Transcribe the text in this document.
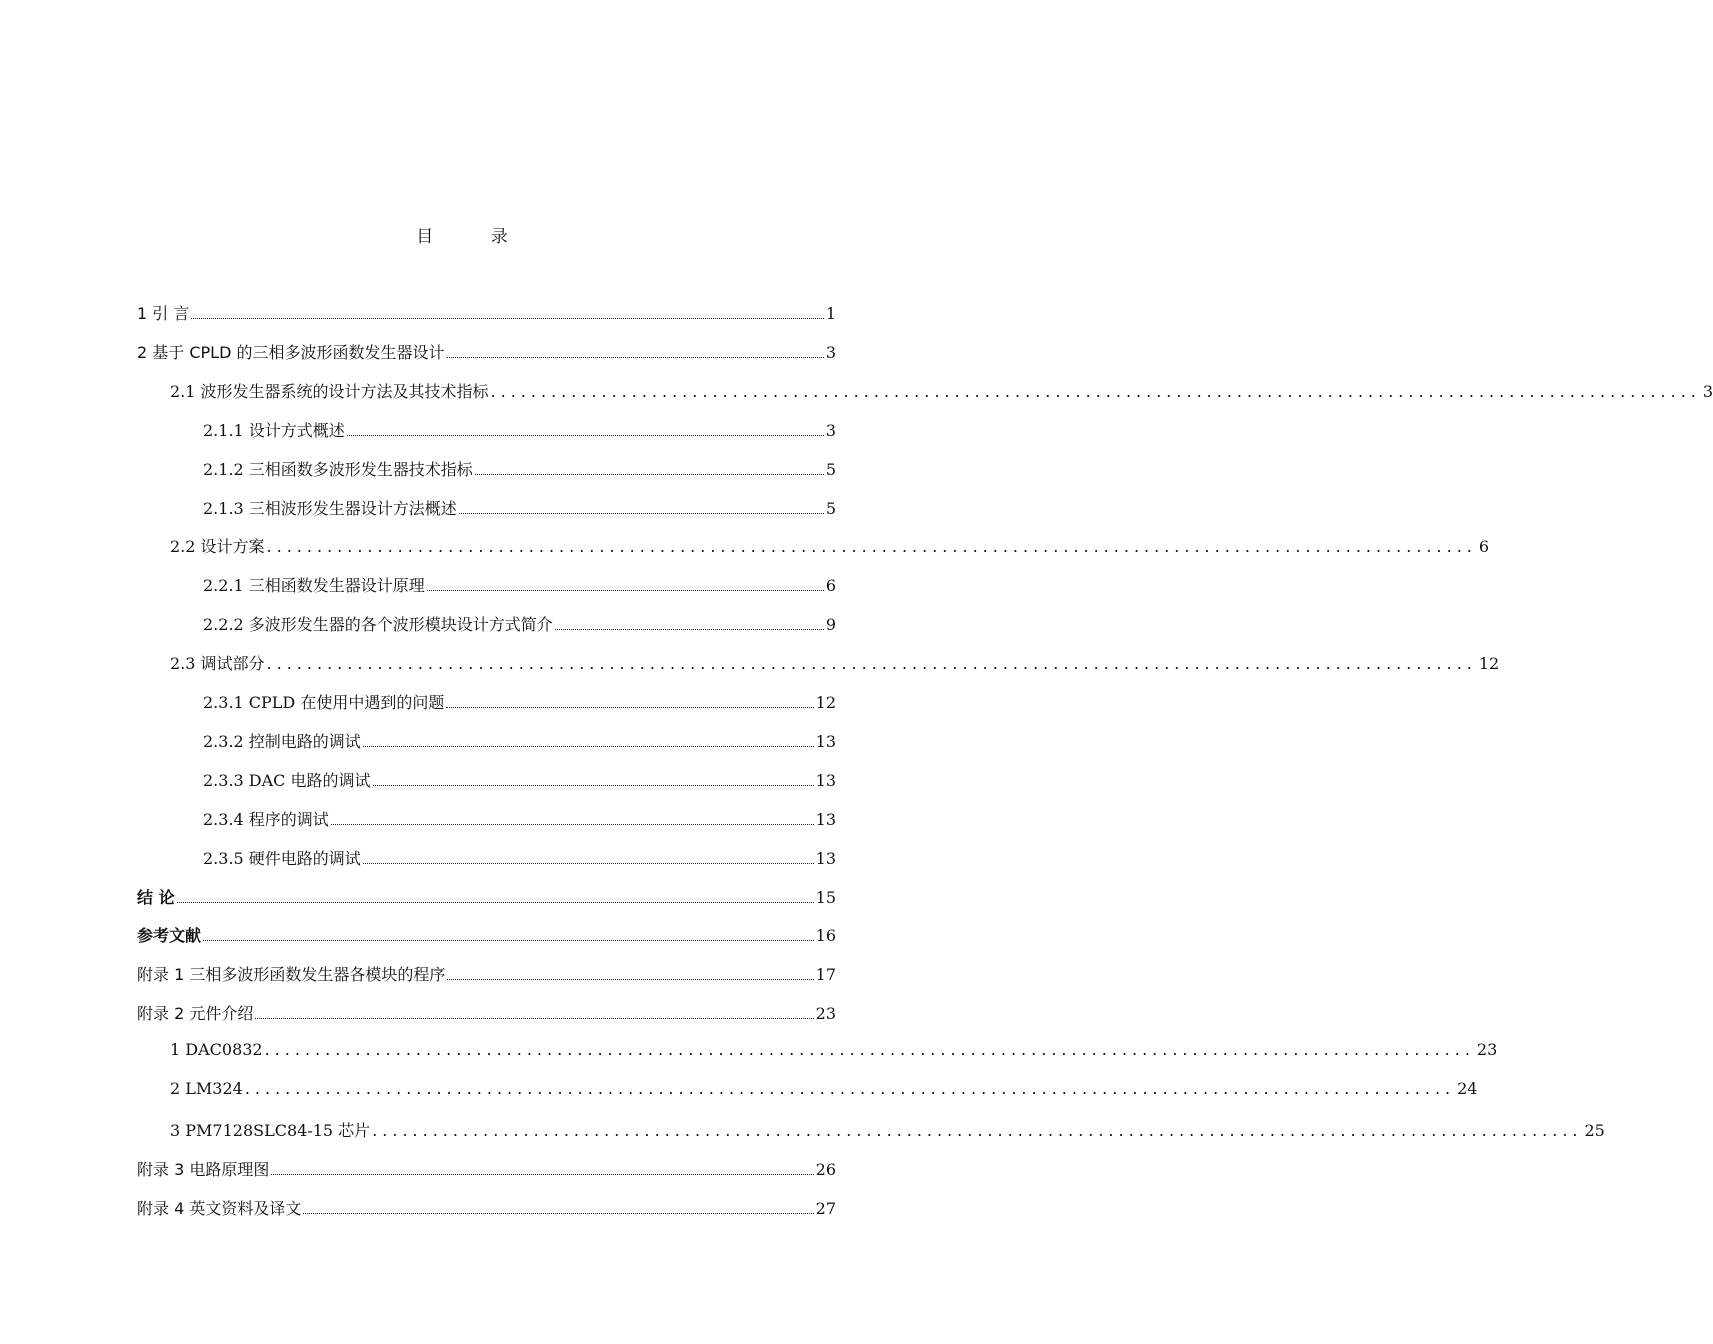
目 录
1 引 言	1
2 基于 CPLD 的三相多波形函数发生器设计	3
2.1 波形发生器系统的设计方法及其技术指标 ........................................................................................................................ 3
2.1.1 设计方式概述	3
2.1.2 三相函数多波形发生器技术指标	5
2.1.3 三相波形发生器设计方法概述	5
2.2 设计方案 ........................................................................................................................ 6
2.2.1 三相函数发生器设计原理	6
2.2.2 多波形发生器的各个波形模块设计方式简介	9
2.3 调试部分 ........................................................................................................................ 12
2.3.1 CPLD 在使用中遇到的问题	12
2.3.2 控制电路的调试	13
2.3.3 DAC 电路的调试	13
2.3.4 程序的调试	13
2.3.5 硬件电路的调试	13
结 论	15
参考文献	16
附录 1 三相多波形函数发生器各模块的程序	17
附录 2 元件介绍	23
1 DAC0832 ........................................................................................................................ 23
2 LM324 ........................................................................................................................ 24
3 PM7128SLC84-15 芯片 ........................................................................................................................ 25
附录 3 电路原理图	26
附录 4 英文资料及译文	27
